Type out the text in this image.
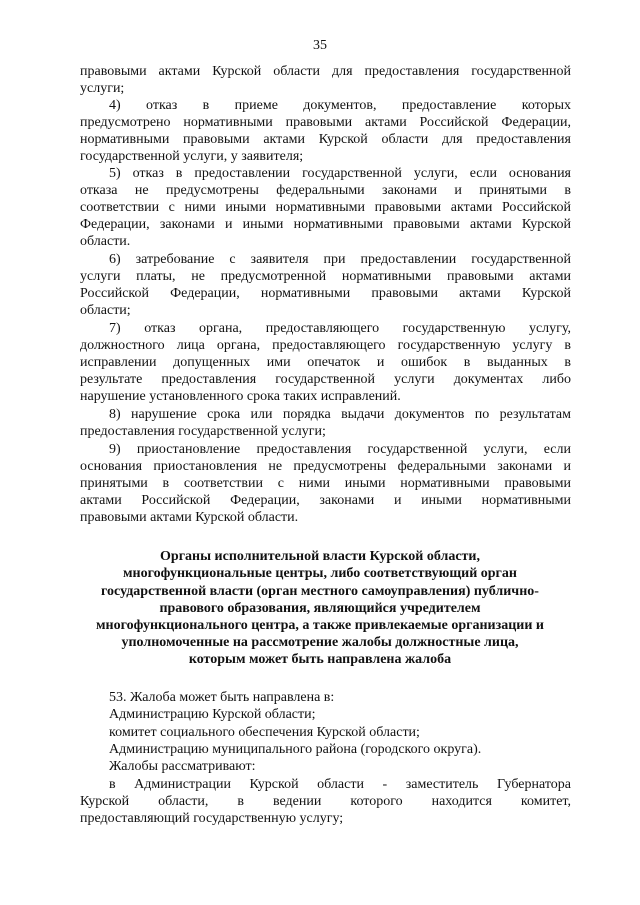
35
правовыми актами Курской области для предоставления государственной
услуги;
4) отказ в приеме документов, предоставление которых
предусмотрено нормативными правовыми актами Российской Федерации,
нормативными правовыми актами Курской области для предоставления
государственной услуги, у заявителя;
5) отказ в предоставлении государственной услуги, если основания
отказа не предусмотрены федеральными законами и принятыми в
соответствии с ними иными нормативными правовыми актами Российской
Федерации, законами и иными нормативными правовыми актами Курской
области.
6) затребование с заявителя при предоставлении государственной
услуги платы, не предусмотренной нормативными правовыми актами
Российской Федерации, нормативными правовыми актами Курской
области;
7) отказ органа, предоставляющего государственную услугу,
должностного лица органа, предоставляющего государственную услугу в
исправлении допущенных ими опечаток и ошибок в выданных в
результате предоставления государственной услуги документах либо
нарушение установленного срока таких исправлений.
8) нарушение срока или порядка выдачи документов по результатам
предоставления государственной услуги;
9) приостановление предоставления государственной услуги, если
основания приостановления не предусмотрены федеральными законами и
принятыми в соответствии с ними иными нормативными правовыми
актами Российской Федерации, законами и иными нормативными
правовыми актами Курской области.
Органы исполнительной власти Курской области,
многофункциональные центры, либо соответствующий орган
государственной власти (орган местного самоуправления) публично-
правового образования, являющийся учредителем
многофункционального центра, а также привлекаемые организации и
уполномоченные на рассмотрение жалобы должностные лица,
которым может быть направлена жалоба
53. Жалоба может быть направлена в:
Администрацию Курской области;
комитет социального обеспечения Курской области;
Администрацию муниципального района (городского округа).
Жалобы рассматривают:
в Администрации Курской области - заместитель Губернатора
Курской области, в ведении которого находится комитет,
предоставляющий государственную услугу;
